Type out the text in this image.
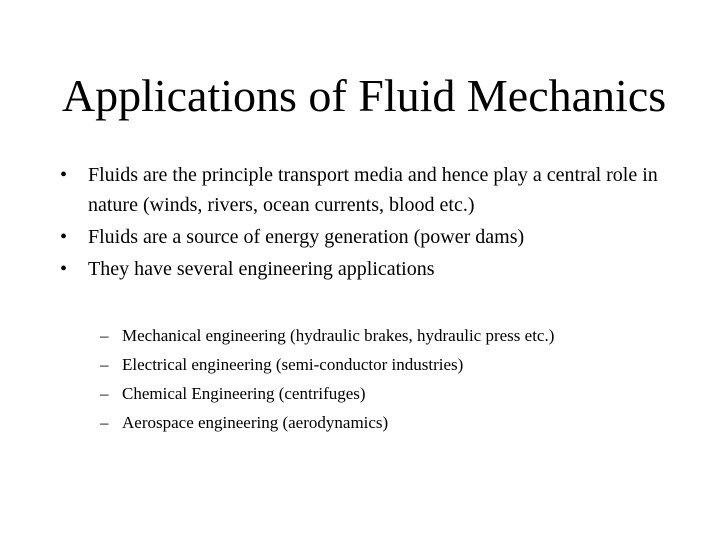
Applications of Fluid Mechanics
• Fluids are the principle transport media and hence play a central role in nature (winds, rivers, ocean currents, blood etc.)
• Fluids are a source of energy generation (power dams)
• They have several engineering applications
– Mechanical engineering (hydraulic brakes, hydraulic press etc.)
– Electrical engineering (semi-conductor industries)
– Chemical Engineering (centrifuges)
– Aerospace engineering (aerodynamics)
